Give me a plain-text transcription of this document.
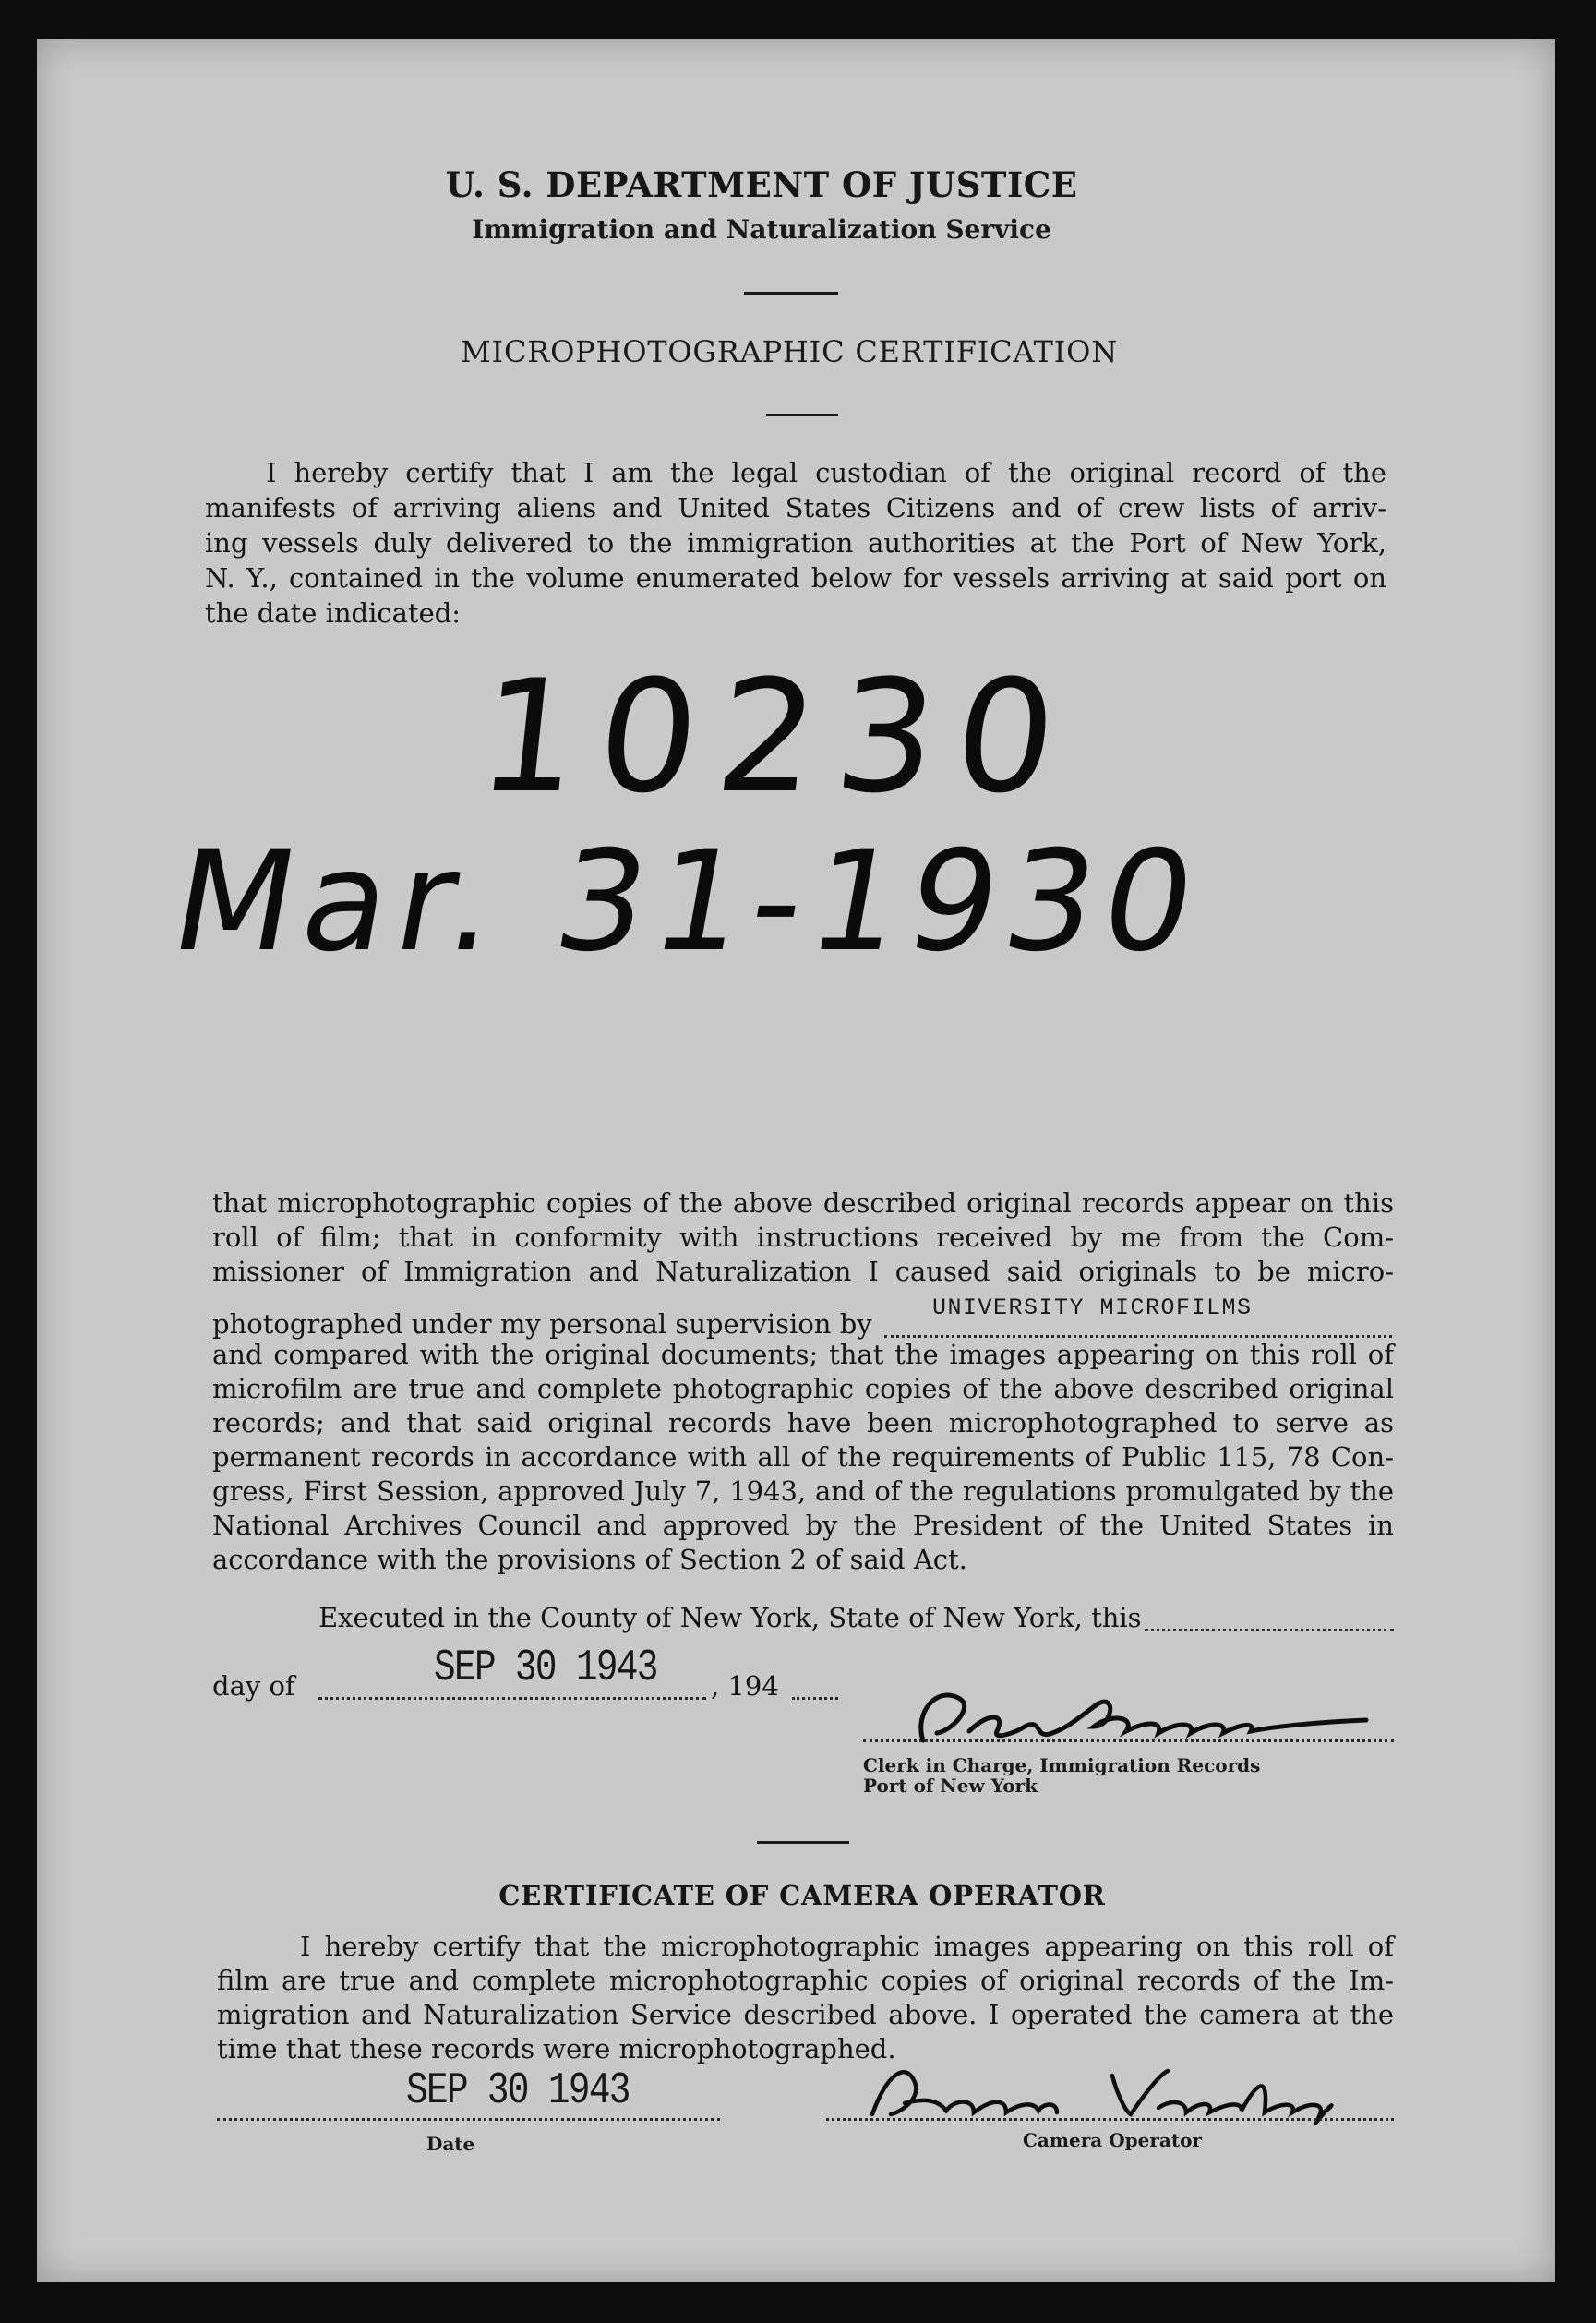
U. S. DEPARTMENT OF JUSTICE
Immigration and Naturalization Service
MICROPHOTOGRAPHIC CERTIFICATION
I hereby certify that I am the legal custodian of the original record of the
manifests of arriving aliens and United States Citizens and of crew lists of arriv-
ing vessels duly delivered to the immigration authorities at the Port of New York,
N. Y., contained in the volume enumerated below for vessels arriving at said port on
the date indicated:
10230
Mar. 31-1930
that microphotographic copies of the above described original records appear on this
roll of film; that in conformity with instructions received by me from the Com-
missioner of Immigration and Naturalization I caused said originals to be micro-
photographed under my personal supervision by
UNIVERSITY MICROFILMS
and compared with the original documents; that the images appearing on this roll of
microfilm are true and complete photographic copies of the above described original
records; and that said original records have been microphotographed to serve as
permanent records in accordance with all of the requirements of Public 115, 78 Con-
gress, First Session, approved July 7, 1943, and of the regulations promulgated by the
National Archives Council and approved by the President of the United States in
accordance with the provisions of Section 2 of said Act.
Executed in the County of New York, State of New York, this
day of	SEP 30 1943 , 194
Clerk in Charge, Immigration Records
Port of New York
CERTIFICATE OF CAMERA OPERATOR
I hereby certify that the microphotographic images appearing on this roll of
film are true and complete microphotographic copies of original records of the Im-
migration and Naturalization Service described above. I operated the camera at the
time that these records were microphotographed.
SEP 30 1943
Date	Camera Operator
